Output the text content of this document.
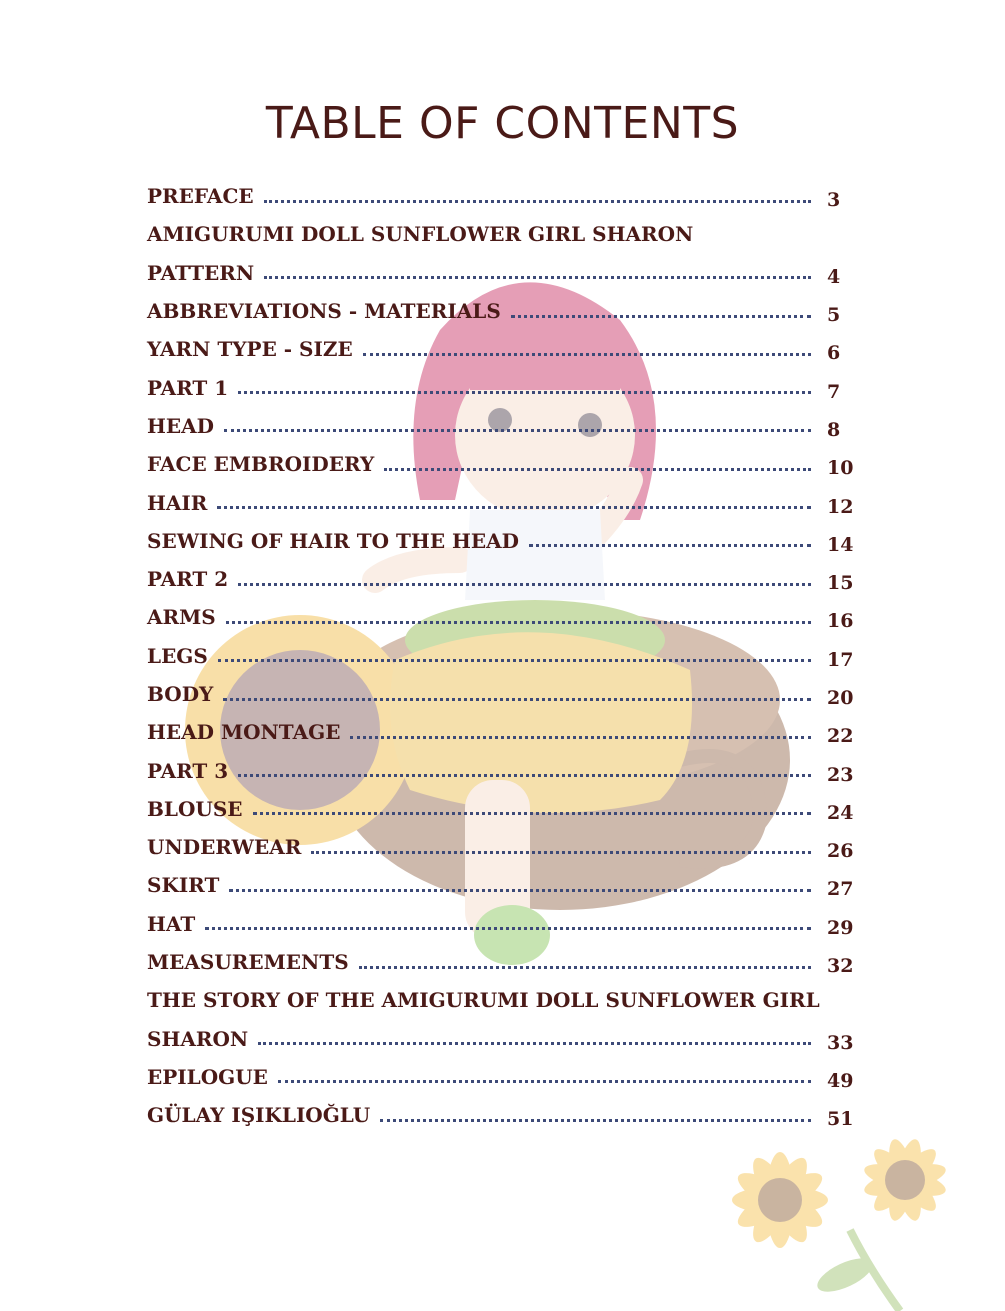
TABLE OF CONTENTS
PREFACE	3
AMIGURUMI DOLL SUNFLOWER GIRL SHARON
PATTERN	4
ABBREVIATIONS - MATERIALS	5
YARN TYPE - SIZE	6
PART 1	7
HEAD	8
FACE EMBROIDERY	10
HAIR	12
SEWING OF HAIR TO THE HEAD	14
PART 2	15
ARMS	16
LEGS	17
BODY	20
HEAD MONTAGE	22
PART 3	23
BLOUSE	24
UNDERWEAR	26
SKIRT	27
HAT	29
MEASUREMENTS	32
THE STORY OF THE AMIGURUMI DOLL SUNFLOWER GIRL
SHARON	33
EPILOGUE	49
GÜLAY IŞIKLIOĞLU	51
